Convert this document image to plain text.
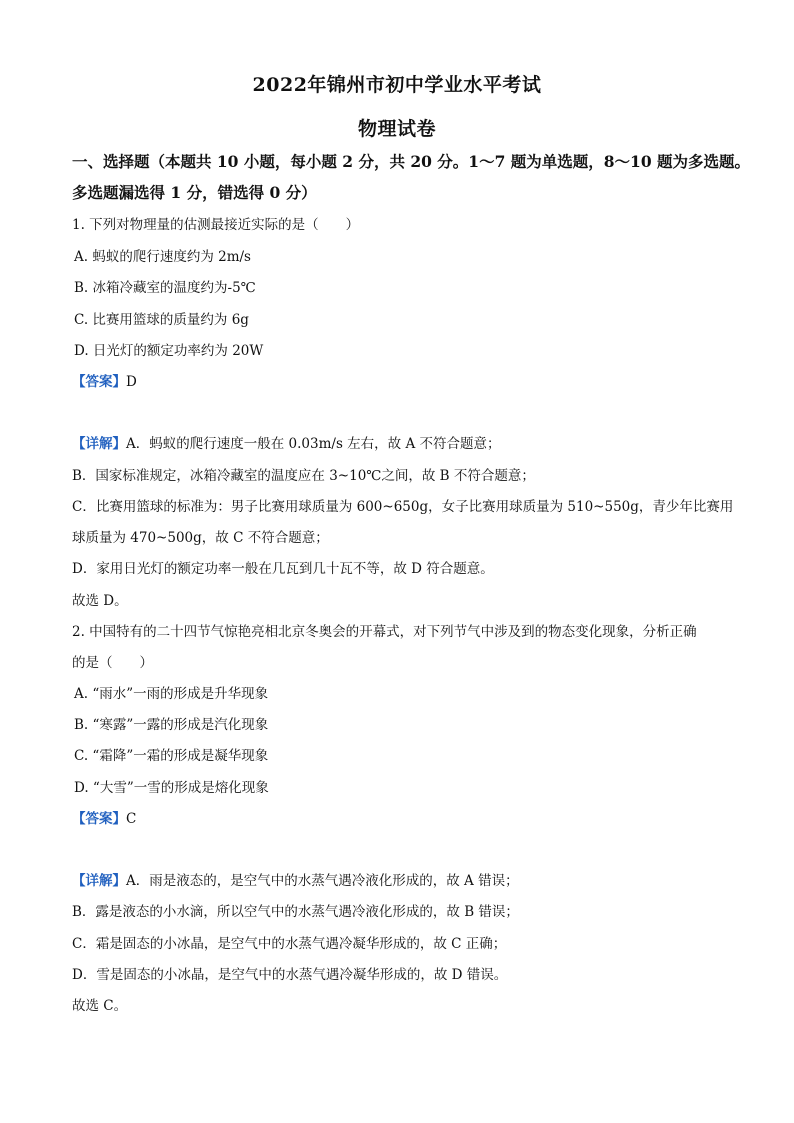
2022年锦州市初中学业水平考试
物理试卷
一、选择题（本题共 10 小题，每小题 2 分，共 20 分。1～7 题为单选题，8～10 题为多选题。
多选题漏选得 1 分，错选得 0 分）
1. 下列对物理量的估测最接近实际的是（　　）
A. 蚂蚁的爬行速度约为 2m/s
B. 冰箱冷藏室的温度约为-5℃
C. 比赛用篮球的质量约为 6g
D. 日光灯的额定功率约为 20W
【答案】D
【详解】A．蚂蚁的爬行速度一般在 0.03m/s 左右，故 A 不符合题意；
B．国家标准规定，冰箱冷藏室的温度应在 3~10℃之间，故 B 不符合题意；
C．比赛用篮球的标准为：男子比赛用球质量为 600~650g，女子比赛用球质量为 510~550g，青少年比赛用
球质量为 470~500g，故 C 不符合题意；
D．家用日光灯的额定功率一般在几瓦到几十瓦不等，故 D 符合题意。
故选 D。
2. 中国特有的二十四节气惊艳亮相北京冬奥会的开幕式，对下列节气中涉及到的物态变化现象，分析正确
的是（　　）
A. “雨水”一雨的形成是升华现象
B. “寒露”一露的形成是汽化现象
C. “霜降”一霜的形成是凝华现象
D. “大雪”一雪的形成是熔化现象
【答案】C
【详解】A．雨是液态的，是空气中的水蒸气遇冷液化形成的，故 A 错误；
B．露是液态的小水滴，所以空气中的水蒸气遇冷液化形成的，故 B 错误；
C．霜是固态的小冰晶，是空气中的水蒸气遇冷凝华形成的，故 C 正确；
D．雪是固态的小冰晶，是空气中的水蒸气遇冷凝华形成的，故 D 错误。
故选 C。
